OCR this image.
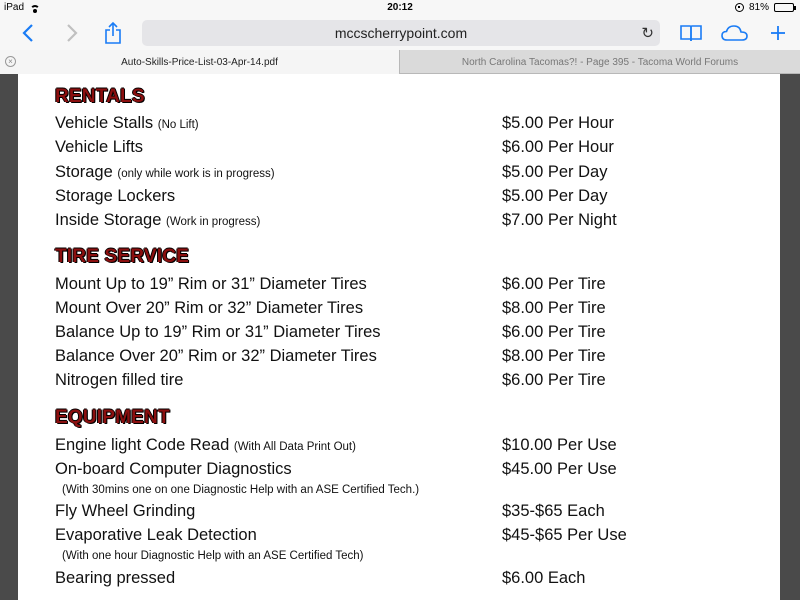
iPad	20:12	81%
mccscherrypoint.com	↻
×	Auto-Skills-Price-List-03-Apr-14.pdf	North Carolina Tacomas?! - Page 395 - Tacoma World Forums
RENTALS
Vehicle Stalls (No Lift)	$5.00 Per Hour
Vehicle Lifts	$6.00 Per Hour
Storage (only while work is in progress)	$5.00 Per Day
Storage Lockers	$5.00 Per Day
Inside Storage (Work in progress)	$7.00 Per Night
TIRE SERVICE
Mount Up to 19” Rim or 31” Diameter Tires	$6.00 Per Tire
Mount Over 20” Rim or 32” Diameter Tires	$8.00 Per Tire
Balance Up to 19” Rim or 31” Diameter Tires	$6.00 Per Tire
Balance Over 20” Rim or 32” Diameter Tires	$8.00 Per Tire
Nitrogen filled tire	$6.00 Per Tire
EQUIPMENT
Engine light Code Read (With All Data Print Out)	$10.00 Per Use
On-board Computer Diagnostics	$45.00 Per Use
(With 30mins one on one Diagnostic Help with an ASE Certified Tech.)
Fly Wheel Grinding	$35-$65 Each
Evaporative Leak Detection	$45-$65 Per Use
(With one hour Diagnostic Help with an ASE Certified Tech)
Bearing pressed	$6.00 Each
